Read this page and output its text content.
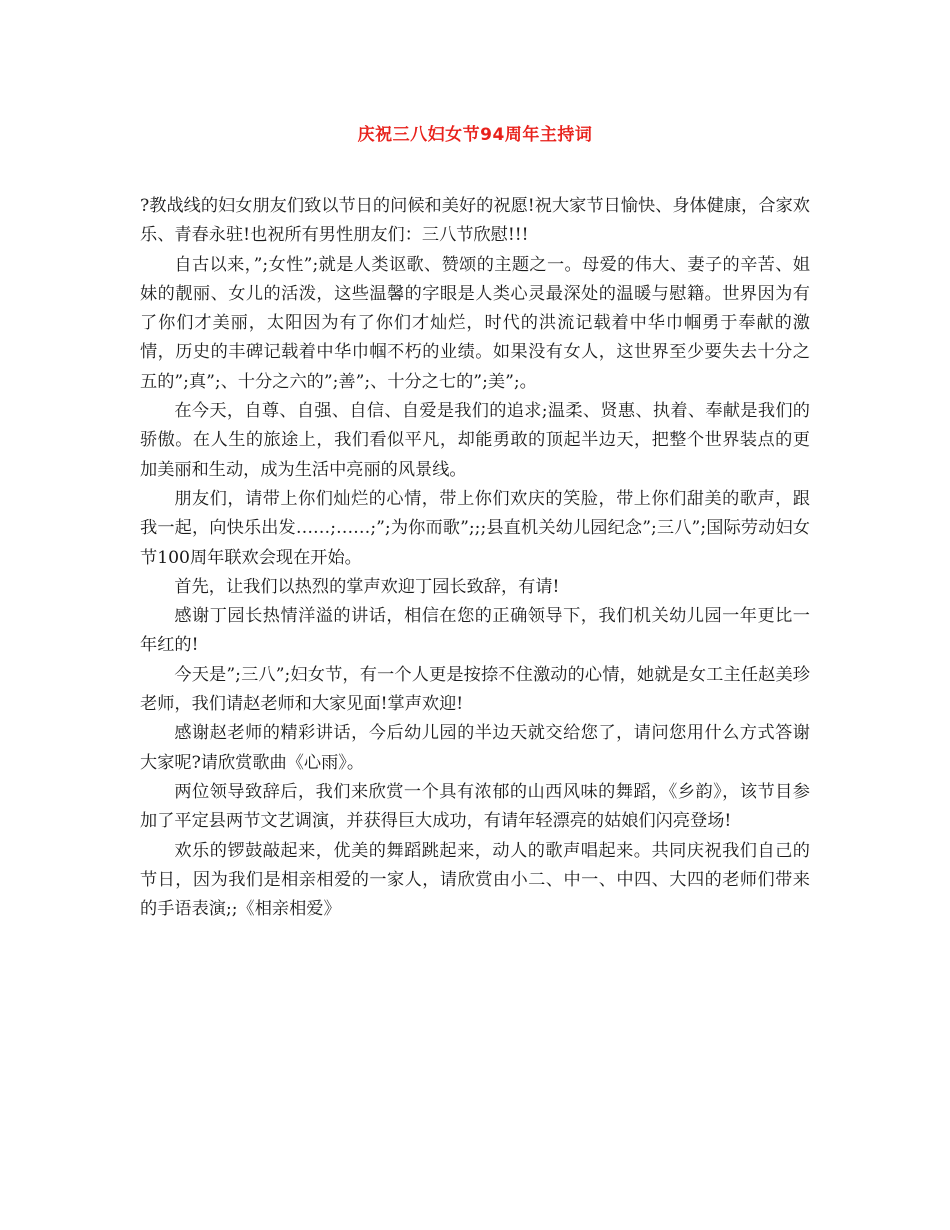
庆祝三八妇女节94周年主持词

?教战线的妇女朋友们致以节日的问候和美好的祝愿!祝大家节日愉快、身体健康，合家欢乐、青春永驻!也祝所有男性朋友们：三八节欣慰!!!

自古以来，”;女性”;就是人类讴歌、赞颂的主题之一。母爱的伟大、妻子的辛苦、姐妹的靓丽、女儿的活泼，这些温馨的字眼是人类心灵最深处的温暖与慰籍。世界因为有了你们才美丽，太阳因为有了你们才灿烂，时代的洪流记载着中华巾帼勇于奉献的激情，历史的丰碑记载着中华巾帼不朽的业绩。如果没有女人，这世界至少要失去十分之五的”;真”;、十分之六的”;善”;、十分之七的”;美”;。

在今天，自尊、自强、自信、自爱是我们的追求;温柔、贤惠、执着、奉献是我们的骄傲。在人生的旅途上，我们看似平凡，却能勇敢的顶起半边天，把整个世界装点的更加美丽和生动，成为生活中亮丽的风景线。

朋友们，请带上你们灿烂的心情，带上你们欢庆的笑脸，带上你们甜美的歌声，跟我一起，向快乐出发……;……;”;为你而歌”;;;县直机关幼儿园纪念”;三八”;国际劳动妇女节100周年联欢会现在开始。

首先，让我们以热烈的掌声欢迎丁园长致辞，有请!

感谢丁园长热情洋溢的讲话，相信在您的正确领导下，我们机关幼儿园一年更比一年红的!

今天是”;三八”;妇女节，有一个人更是按捺不住激动的心情，她就是女工主任赵美珍老师，我们请赵老师和大家见面!掌声欢迎!

感谢赵老师的精彩讲话，今后幼儿园的半边天就交给您了，请问您用什么方式答谢大家呢?请欣赏歌曲《心雨》。

两位领导致辞后，我们来欣赏一个具有浓郁的山西风味的舞蹈，《乡韵》，该节目参加了平定县两节文艺调演，并获得巨大成功，有请年轻漂亮的姑娘们闪亮登场!

欢乐的锣鼓敲起来，优美的舞蹈跳起来，动人的歌声唱起来。共同庆祝我们自己的节日，因为我们是相亲相爱的一家人，请欣赏由小二、中一、中四、大四的老师们带来的手语表演;;《相亲相爱》
